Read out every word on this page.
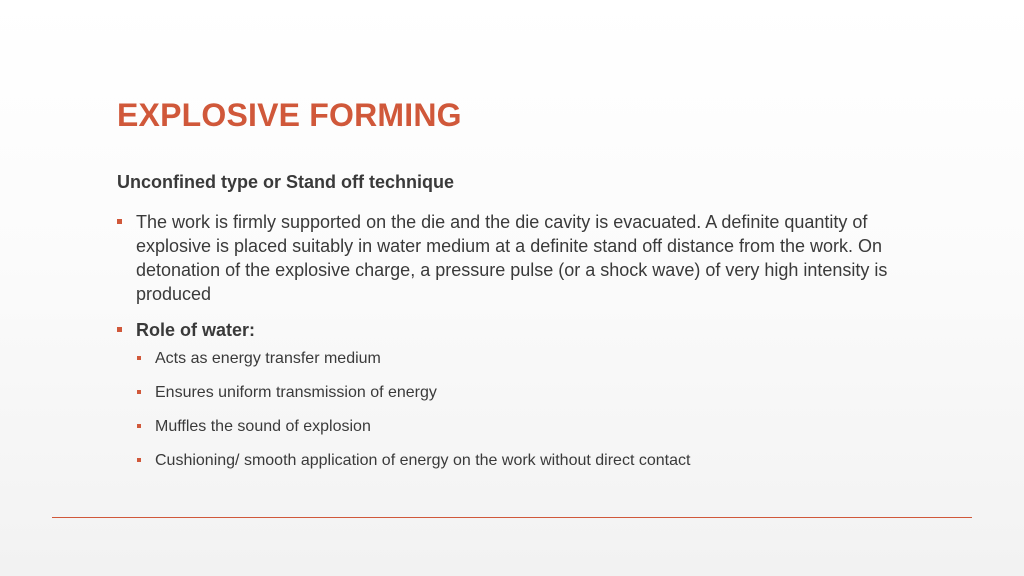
EXPLOSIVE FORMING

Unconfined type or Stand off technique

The work is firmly supported on the die and the die cavity is evacuated. A definite quantity of explosive is placed suitably in water medium at a definite stand off distance from the work. On detonation of the explosive charge, a pressure pulse (or a shock wave) of very high intensity is produced
Role of water:
Acts as energy transfer medium
Ensures uniform transmission of energy
Muffles the sound of explosion
Cushioning/ smooth application of energy on the work without direct contact
